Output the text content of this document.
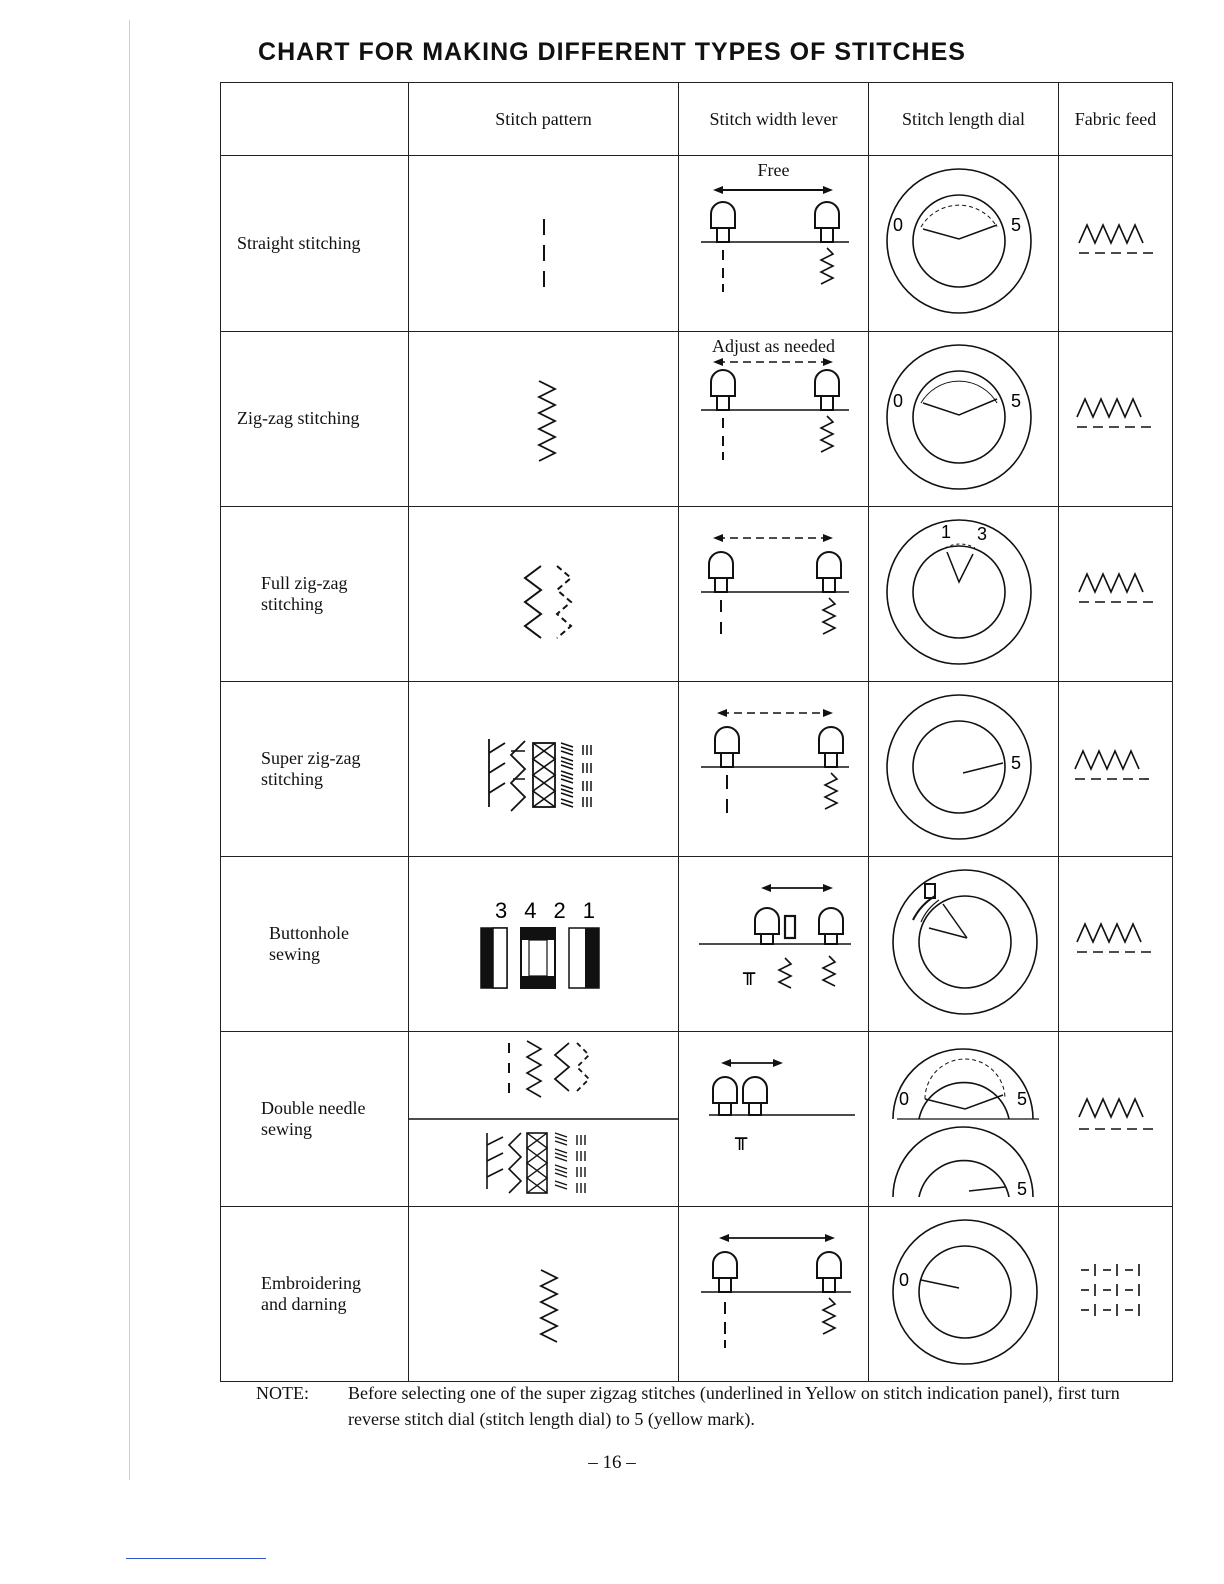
CHART FOR MAKING DIFFERENT TYPES OF STITCHES
	Stitch pattern	Stitch width lever	Stitch length dial	Fabric feed
Straight stitching		Free	0 5

Zig-zag stitching		Adjust as needed	0 5

Full zig-zag stitching			1 3

Super zig-zag stitching			5

Buttonhole sewing	3 4 2 1	╥

Double needle sewing		╥	0 5
5

Embroidering and darning			0

NOTE: Before selecting one of the super zigzag stitches (underlined in Yellow on stitch indication panel), first turn reverse stitch dial (stitch length dial) to 5 (yellow mark).
– 16 –
